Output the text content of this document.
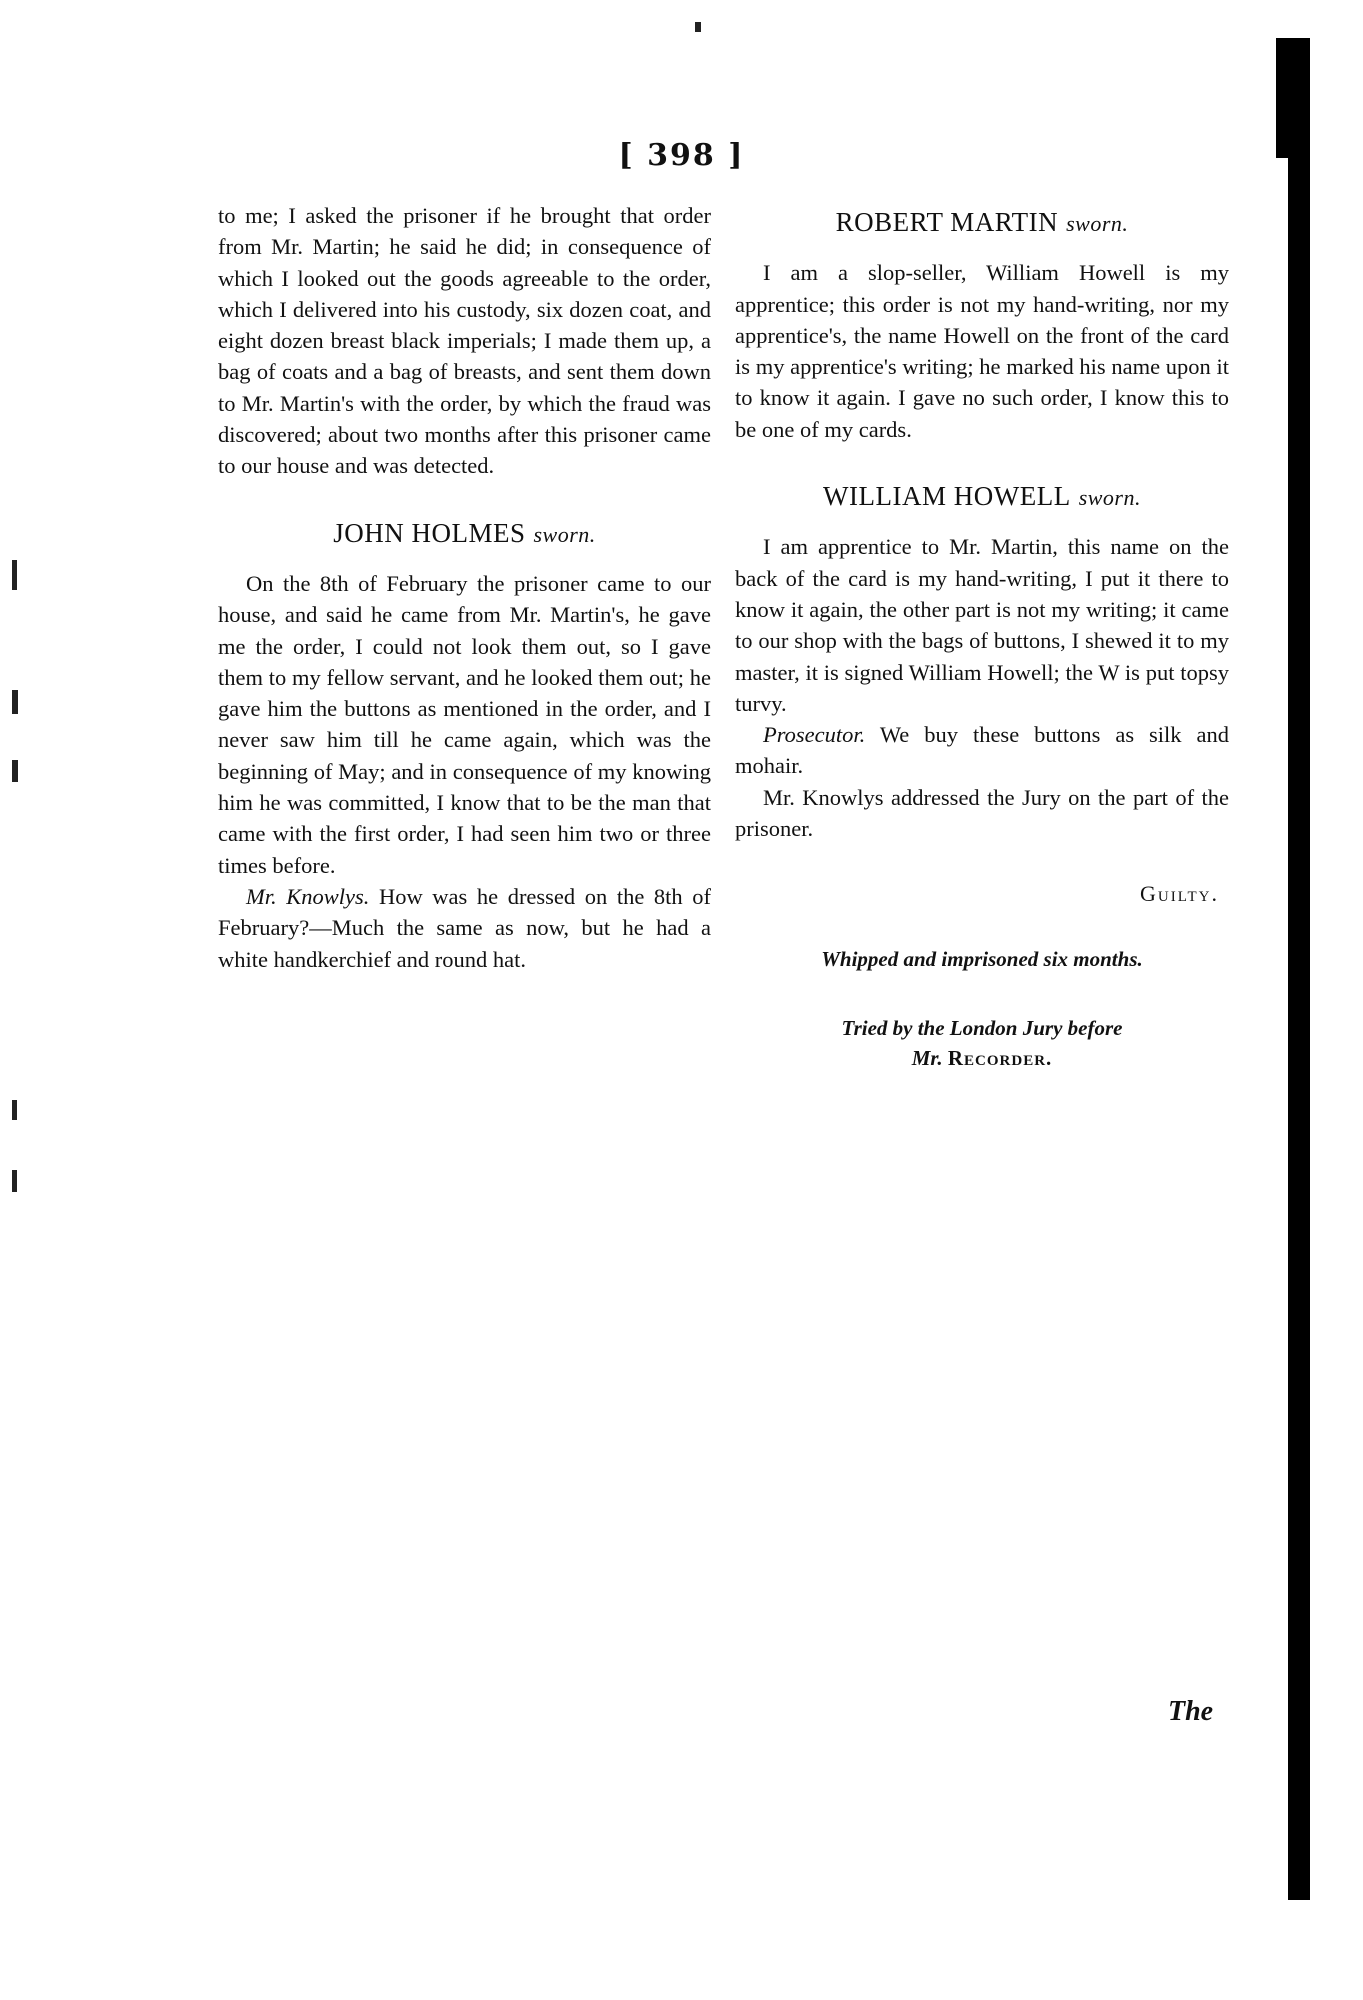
[ 398 ]

to me; I asked the prisoner if he brought that order from Mr. Martin; he said he did; in consequence of which I looked out the goods agreeable to the order, which I delivered into his custody, six dozen coat, and eight dozen breast black imperials; I made them up, a bag of coats and a bag of breasts, and sent them down to Mr. Martin's with the order, by which the fraud was discovered; about two months after this prisoner came to our house and was detected.

JOHN HOLMES sworn.

On the 8th of February the prisoner came to our house, and said he came from Mr. Martin's, he gave me the order, I could not look them out, so I gave them to my fellow servant, and he looked them out; he gave him the buttons as mentioned in the order, and I never saw him till he came again, which was the beginning of May; and in consequence of my knowing him he was committed, I know that to be the man that came with the first order, I had seen him two or three times before.

Mr. Knowlys. How was he dressed on the 8th of February?—Much the same as now, but he had a white handkerchief and round hat.

ROBERT MARTIN sworn.

I am a slop-seller, William Howell is my apprentice; this order is not my hand-writing, nor my apprentice's, the name Howell on the front of the card is my apprentice's writing; he marked his name upon it to know it again. I gave no such order, I know this to be one of my cards.

WILLIAM HOWELL sworn.

I am apprentice to Mr. Martin, this name on the back of the card is my hand-writing, I put it there to know it again, the other part is not my writing; it came to our shop with the bags of buttons, I shewed it to my master, it is signed William Howell; the W is put topsy turvy.

Prosecutor. We buy these buttons as silk and mohair.

Mr. Knowlys addressed the Jury on the part of the prisoner.

Guilty.
Whipped and imprisoned six months.
Tried by the London Jury before
Mr. Recorder.
The
